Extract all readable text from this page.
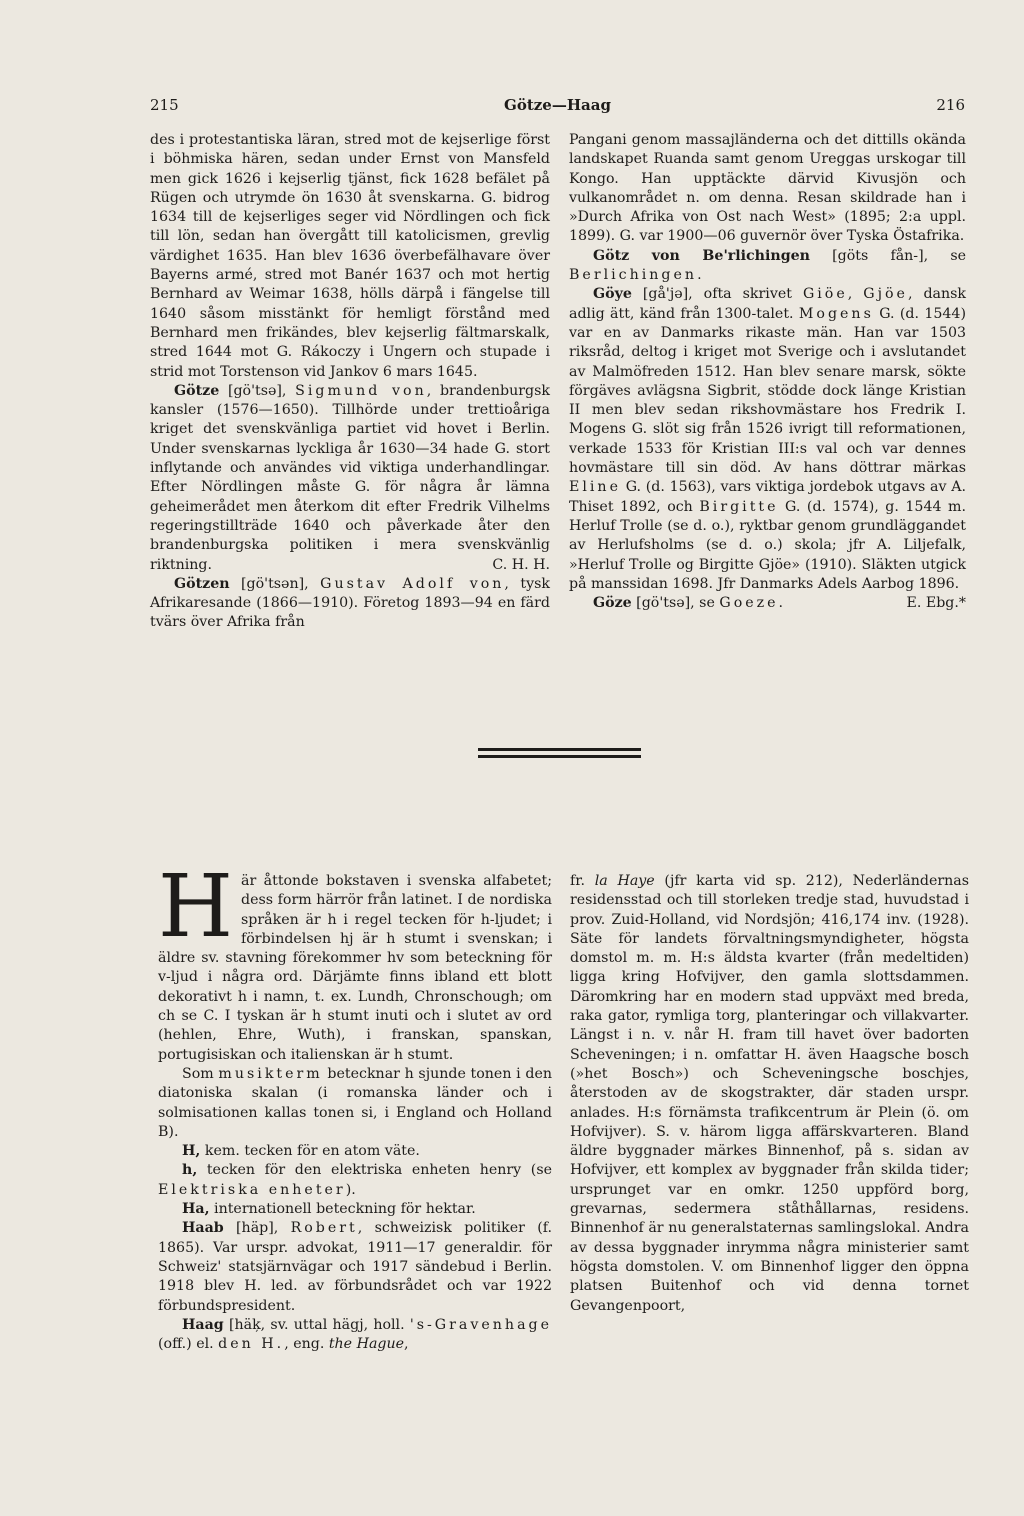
215	Götze—Haag	216

des i protestantiska läran, stred mot de kejserlige först i böhmiska hären, sedan under Ernst von Mansfeld men gick 1626 i kejserlig tjänst, fick 1628 befälet på Rügen och utrymde ön 1630 åt svenskarna. G. bidrog 1634 till de kejserliges seger vid Nördlingen och fick till lön, sedan han övergått till katolicismen, grevlig värdighet 1635. Han blev 1636 överbefälhavare över Bayerns armé, stred mot Banér 1637 och mot hertig Bernhard av Weimar 1638, hölls därpå i fängelse till 1640 såsom misstänkt för hemligt förstånd med Bernhard men frikändes, blev kejserlig fältmarskalk, stred 1644 mot G. Rákoczy i Ungern och stupade i strid mot Torstenson vid Jankov 6 mars 1645.

Götze [gö'tsə], Sigmund von, brandenburgsk kansler (1576—1650). Tillhörde under trettioåriga kriget det svenskvänliga partiet vid hovet i Berlin. Under svenskarnas lyckliga år 1630—34 hade G. stort inflytande och användes vid viktiga underhandlingar. Efter Nördlingen måste G. för några år lämna geheimerådet men återkom dit efter Fredrik Vilhelms regeringstillträde 1640 och påverkade åter den brandenburgska politiken i mera svenskvänlig riktning.	C. H. H.

Götzen [gö'tsən], Gustav Adolf von, tysk Afrikaresande (1866—1910). Företog 1893—94 en färd tvärs över Afrika från

Pangani genom massajländerna och det dittills okända landskapet Ruanda samt genom Ureggas urskogar till Kongo. Han upptäckte därvid Kivusjön och vulkanområdet n. om denna. Resan skildrade han i »Durch Afrika von Ost nach West» (1895; 2:a uppl. 1899). G. var 1900—06 guvernör över Tyska Östafrika.

Götz von Be'rlichingen [göts fån-], se Berlichingen.

Göye [gå'jə], ofta skrivet Giöe, Gjöe, dansk adlig ätt, känd från 1300-talet. Mogens G. (d. 1544) var en av Danmarks rikaste män. Han var 1503 riksråd, deltog i kriget mot Sverige och i avslutandet av Malmöfreden 1512. Han blev senare marsk, sökte förgäves avlägsna Sigbrit, stödde dock länge Kristian II men blev sedan rikshovmästare hos Fredrik I. Mogens G. slöt sig från 1526 ivrigt till reformationen, verkade 1533 för Kristian III:s val och var dennes hovmästare till sin död. Av hans döttrar märkas Eline G. (d. 1563), vars viktiga jordebok utgavs av A. Thiset 1892, och Birgitte G. (d. 1574), g. 1544 m. Herluf Trolle (se d. o.), ryktbar genom grundläggandet av Herlufsholms (se d. o.) skola; jfr A. Liljefalk, »Herluf Trolle og Birgitte Gjöe» (1910). Släkten utgick på manssidan 1698. Jfr Danmarks Adels Aarbog 1896.
E. Ebg.*

Göze [gö'tsə], se Goeze.

Här åttonde bokstaven i svenska alfabetet; dess form härrör från latinet. I de nordiska språken är h i regel tecken för h-ljudet; i förbindelsen hj är h stumt i svenskan; i äldre sv. stavning förekommer hv som beteckning för v-ljud i några ord. Därjämte finns ibland ett blott dekorativt h i namn, t. ex. Lundh, Chronschough; om ch se C. I tyskan är h stumt inuti och i slutet av ord (hehlen, Ehre, Wuth), i franskan, spanskan, portugisiskan och italienskan är h stumt.

Som musikterm betecknar h sjunde tonen i den diatoniska skalan (i romanska länder och i solmisationen kallas tonen si, i England och Holland B).

H, kem. tecken för en atom väte.

h, tecken för den elektriska enheten henry (se Elektriska enheter).

Ha, internationell beteckning för hektar.

Haab [häp], Robert, schweizisk politiker (f. 1865). Var urspr. advokat, 1911—17 generaldir. för Schweiz' statsjärnvägar och 1917 sändebud i Berlin. 1918 blev H. led. av förbundsrådet och var 1922 förbundspresident.

Haag [häķ, sv. uttal hägj, holl. 's-Gravenhage (off.) el. den H., eng. the Hague,

fr. la Haye (jfr karta vid sp. 212), Nederländernas residensstad och till storleken tredje stad, huvudstad i prov. Zuid-Holland, vid Nordsjön; 416,174 inv. (1928). Säte för landets förvaltningsmyndigheter, högsta domstol m. m. H:s äldsta kvarter (från medeltiden) ligga kring Hofvijver, den gamla slottsdammen. Däromkring har en modern stad uppväxt med breda, raka gator, rymliga torg, planteringar och villakvarter. Längst i n. v. når H. fram till havet över badorten Scheveningen; i n. omfattar H. även Haagsche bosch (»het Bosch») och Scheveningsche boschjes, återstoden av de skogstrakter, där staden urspr. anlades. H:s förnämsta trafikcentrum är Plein (ö. om Hofvijver). S. v. härom ligga affärskvarteren. Bland äldre byggnader märkes Binnenhof, på s. sidan av Hofvijver, ett komplex av byggnader från skilda tider; ursprunget var en omkr. 1250 uppförd borg, grevarnas, sedermera ståthållarnas, residens. Binnenhof är nu generalstaternas samlingslokal. Andra av dessa byggnader inrymma några ministerier samt högsta domstolen. V. om Binnenhof ligger den öppna platsen Buitenhof och vid denna tornet Gevangenpoort,
